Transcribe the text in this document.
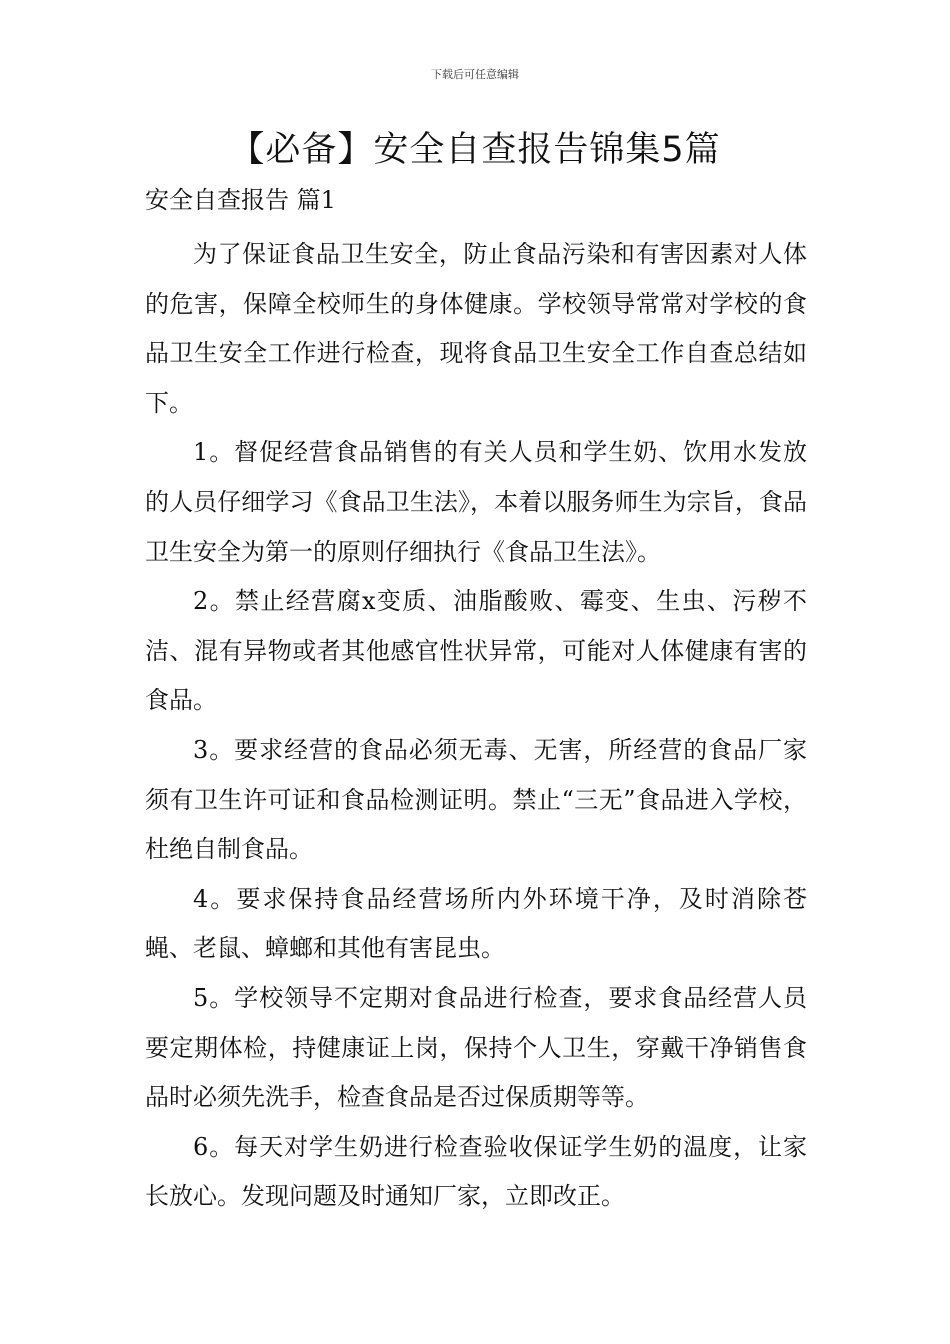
下载后可任意编辑
【必备】安全自查报告锦集5篇
安全自查报告 篇1

为了保证食品卫生安全，防止食品污染和有害因素对人体的危害，保障全校师生的身体健康。学校领导常常对学校的食品卫生安全工作进行检查，现将食品卫生安全工作自查总结如下。

1。督促经营食品销售的有关人员和学生奶、饮用水发放的人员仔细学习《食品卫生法》，本着以服务师生为宗旨，食品卫生安全为第一的原则仔细执行《食品卫生法》。

2。禁止经营腐x变质、油脂酸败、霉变、生虫、污秽不洁、混有异物或者其他感官性状异常，可能对人体健康有害的食品。

3。要求经营的食品必须无毒、无害，所经营的食品厂家须有卫生许可证和食品检测证明。禁止“三无”食品进入学校，杜绝自制食品。

4。要求保持食品经营场所内外环境干净，及时消除苍蝇、老鼠、蟑螂和其他有害昆虫。

5。学校领导不定期对食品进行检查，要求食品经营人员要定期体检，持健康证上岗，保持个人卫生，穿戴干净销售食品时必须先洗手，检查食品是否过保质期等等。

6。每天对学生奶进行检查验收保证学生奶的温度，让家长放心。发现问题及时通知厂家，立即改正。
